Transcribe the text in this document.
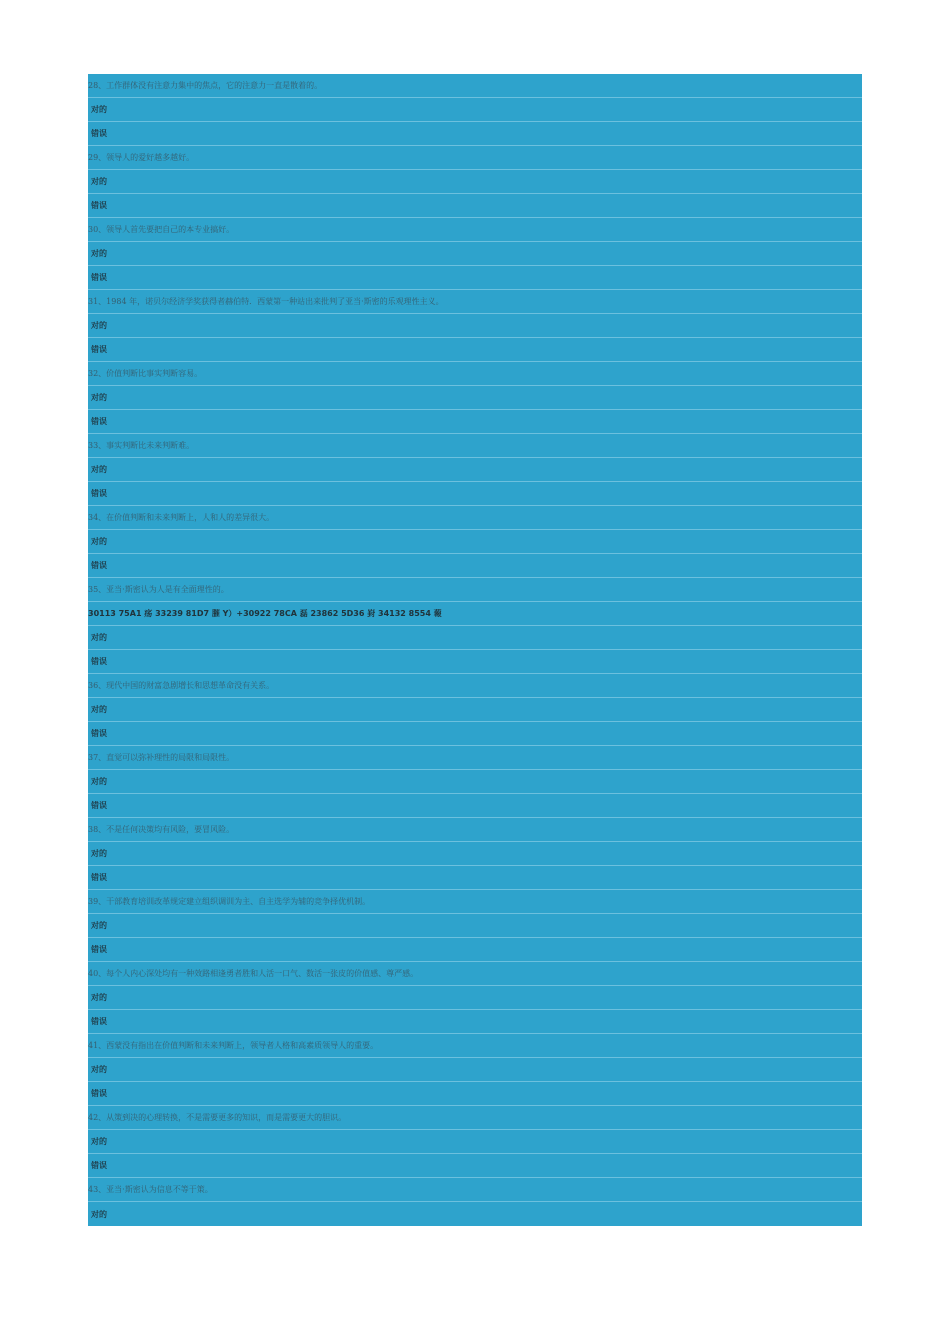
28、工作群体没有注意力集中的焦点，它的注意力一直是散着的。
对的
错误
29、领导人的爱好越多越好。
对的
错误
30、领导人首先要把自己的本专业搞好。
对的
错误
31、1984 年，诺贝尔经济学奖获得者赫伯特．西蒙第一种站出来批判了亚当·斯密的乐观理性主义。
对的
错误
32、价值判断比事实判断容易。
对的
错误
33、事实判断比未来判断难。
对的
错误
34、在价值判断和未来判断上，人和人的差异很大。
对的
错误
35、亚当·斯密认为人是有全面理性的。
30113 75A1 疡 33239 81D7 膗 Y）+30922 78CA 磊 23862 5D36 崶 34132 8554 蕔
对的
错误
36、现代中国的财富急剧增长和思想革命没有关系。
对的
错误
37、直觉可以弥补理性的局限和局限性。
对的
错误
38、不是任何决策均有风险，要冒风险。
对的
错误
39、干部教育培训改革规定建立组织调训为主、自主选学为辅的竞争择优机制。
对的
错误
40、每个人内心深处均有一种效路相逢勇者胜和人活一口气、数活一张皮的价值感、尊严感。
对的
错误
41、西蒙没有指出在价值判断和未来判断上，领导者人格和高素质领导人的重要。
对的
错误
42、从策到决的心理转换，不是需要更多的知识，而是需要更大的胆识。
对的
错误
43、亚当·斯密认为信息不等于策。
对的
